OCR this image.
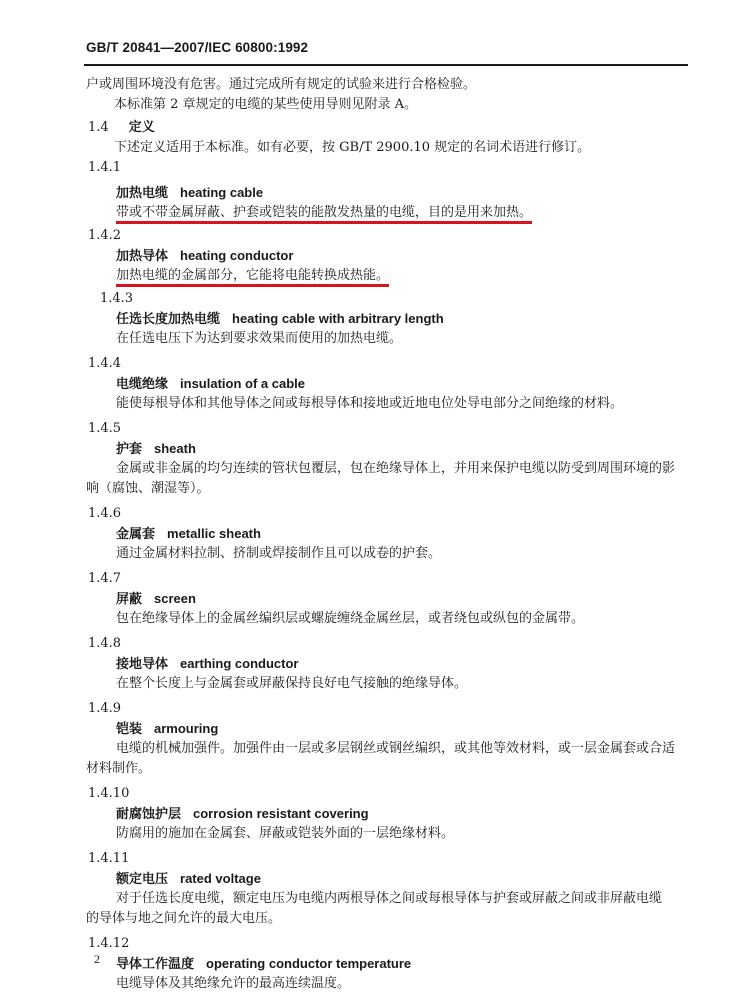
GB/T 20841—2007/IEC 60800:1992
户或周围环境没有危害。通过完成所有规定的试验来进行合格检验。
本标准第 2 章规定的电缆的某些使用导则见附录 A。
1.4 定义
下述定义适用于本标准。如有必要，按 GB/T 2900.10 规定的名词术语进行修订。
1.4.1
加热电缆 heating cable
带或不带金属屏蔽、护套或铠装的能散发热量的电缆，目的是用来加热。
1.4.2
加热导体 heating conductor
加热电缆的金属部分，它能将电能转换成热能。
1.4.3
任选长度加热电缆 heating cable with arbitrary length
在任选电压下为达到要求效果而使用的加热电缆。
1.4.4
电缆绝缘 insulation of a cable
能使每根导体和其他导体之间或每根导体和接地或近地电位处导电部分之间绝缘的材料。
1.4.5
护套 sheath
金属或非金属的均匀连续的管状包覆层，包在绝缘导体上，并用来保护电缆以防受到周围环境的影
响（腐蚀、潮湿等）。
1.4.6
金属套 metallic sheath
通过金属材料拉制、挤制或焊接制作且可以成卷的护套。
1.4.7
屏蔽 screen
包在绝缘导体上的金属丝编织层或螺旋缠绕金属丝层，或者绕包或纵包的金属带。
1.4.8
接地导体 earthing conductor
在整个长度上与金属套或屏蔽保持良好电气接触的绝缘导体。
1.4.9
铠装 armouring
电缆的机械加强件。加强件由一层或多层钢丝或钢丝编织，或其他等效材料，或一层金属套或合适
材料制作。
1.4.10
耐腐蚀护层 corrosion resistant covering
防腐用的施加在金属套、屏蔽或铠装外面的一层绝缘材料。
1.4.11
额定电压 rated voltage
对于任选长度电缆，额定电压为电缆内两根导体之间或每根导体与护套或屏蔽之间或非屏蔽电缆
的导体与地之间允许的最大电压。
1.4.12
导体工作温度 operating conductor temperature
电缆导体及其绝缘允许的最高连续温度。
2
